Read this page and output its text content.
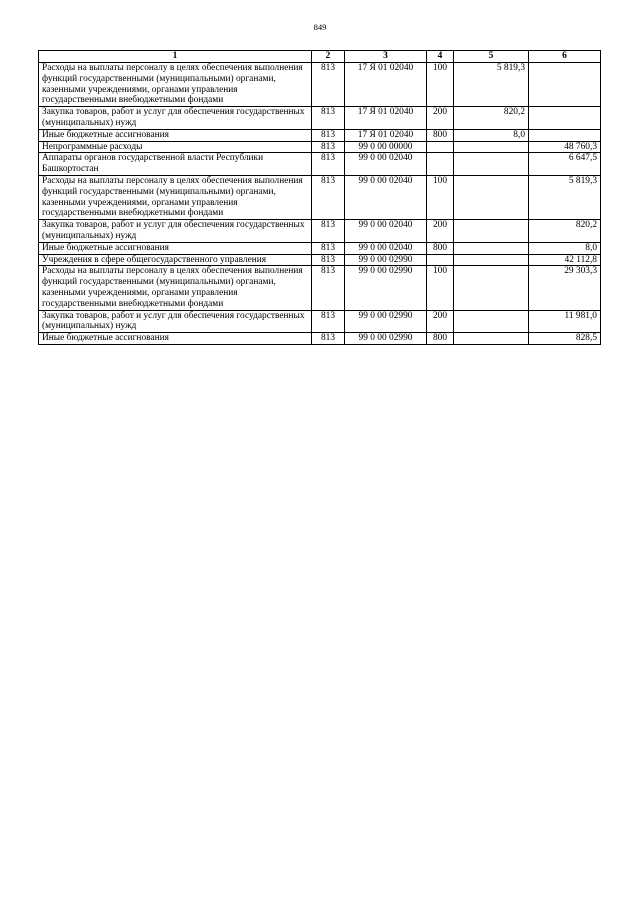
849
1	2	3	4	5	6
Расходы на выплаты персоналу в целях обеспечения выполнения функций государственными (муниципальными) органами, казенными учреждениями, органами управления государственными внебюджетными фондами	813	17 Я 01 02040	100	5 819,3	
Закупка товаров, работ и услуг для обеспечения государственных (муниципальных) нужд	813	17 Я 01 02040	200	820,2	
Иные бюджетные ассигнования	813	17 Я 01 02040	800	8,0	
Непрограммные расходы	813	99 0 00 00000			48 760,3
Аппараты органов государственной власти Республики Башкортостан	813	99 0 00 02040			6 647,5
Расходы на выплаты персоналу в целях обеспечения выполнения функций государственными (муниципальными) органами, казенными учреждениями, органами управления государственными внебюджетными фондами	813	99 0 00 02040	100		5 819,3
Закупка товаров, работ и услуг для обеспечения государственных (муниципальных) нужд	813	99 0 00 02040	200		820,2
Иные бюджетные ассигнования	813	99 0 00 02040	800		8,0
Учреждения в сфере общегосударственного управления	813	99 0 00 02990			42 112,8
Расходы на выплаты персоналу в целях обеспечения выполнения функций государственными (муниципальными) органами, казенными учреждениями, органами управления государственными внебюджетными фондами	813	99 0 00 02990	100		29 303,3
Закупка товаров, работ и услуг для обеспечения государственных (муниципальных) нужд	813	99 0 00 02990	200		11 981,0
Иные бюджетные ассигнования	813	99 0 00 02990	800		828,5
